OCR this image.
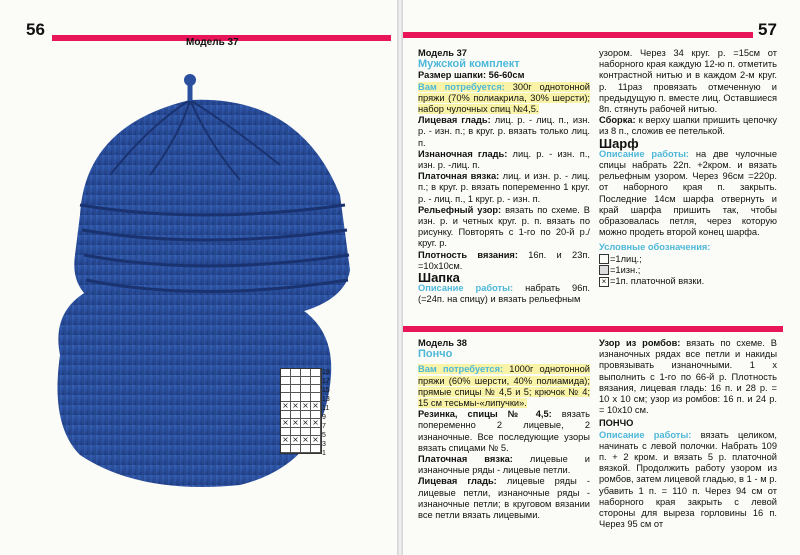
× × × ×
× × × ×
× × × ×
19
17
15
13
11
9
7
5
3
1
56
Модель 37
57

Модель 37

Мужской комплект

Размер шапки: 56-60см

Вам потребуется: 300г однотонной пряжи (70% полиакрила, 30% шерсти); набор чулочных спиц №4,5.

Лицевая гладь: лиц. р. - лиц. п., изн. р. - изн. п.; в круг. р. вязать только лиц. п.

Изнаночная гладь: лиц. р. - изн. п., изн. р. -лиц. п.

Платочная вязка: лиц. и изн. р. - лиц. п.; в круг. р. вязать попеременно 1 круг. р. - лиц. п., 1 круг. р. - изн. п.

Рельефный узор: вязать по схеме. В изн. р. и четных круг. р. п. вязать по рисунку. Повторять с 1-го по 20-й р./круг. р.

Плотность вязания: 16п. и 23п. =10х10см.

Шапка

Описание работы: набрать 96п. (=24п. на спицу) и вязать рельефным

узором. Через 34 круг. р. =15см от наборного края каждую 12-ю п. отметить контрастной нитью и в каждом 2-м круг. р. 11раз провязать отмеченную и предыдущую п. вместе лиц. Оставшиеся 8п. стянуть рабочей нитью.

Сборка: к верху шапки пришить цепочку из 8 п., сложив ее петелькой.

Шарф

Описание работы: на две чулочные спицы набрать 22п. +2кром. и вязать рельефным узором. Через 96см =220р. от наборного края п. закрыть. Последние 14см шарфа отвернуть и край шарфа пришить так, чтобы образовалась петля, через которую можно продеть второй конец шарфа.

Условные обозначения:

=1лиц.;

=1изн.;

× =1п. платочной вязки.

Модель 38

Пончо

Вам потребуется: 1000г однотонной пряжи (60% шерсти, 40% полиамида); прямые спицы № 4,5 и 5; крючок № 4; 15 см тесьмы-«липучки».

Резинка, спицы № 4,5: вязать попеременно 2 лицевые, 2 изнаночные. Все последующие узоры вязать спицами № 5.

Платочная вязка: лицевые и изнаночные ряды - лицевые петли.

Лицевая гладь: лицевые ряды - лицевые петли, изнаночные ряды - изнаночные петли; в круговом вязании все петли вязать лицевыми.

Узор из ромбов: вязать по схеме. В изнаночных рядах все петли и накиды провязывать изнаночными. 1 х выполнить с 1-го по 66-й р. Плотность вязания, лицевая гладь: 16 п. и 28 р. = 10 х 10 см; узор из ромбов: 16 п. и 24 р. = 10х10 см.

ПОНЧО

Описание работы: вязать целиком, начинать с левой полочки. Набрать 109 п. + 2 кром. и вязать 5 р. платочной вязкой. Продолжить работу узором из ромбов, затем лицевой гладью, в 1 - м р. убавить 1 п. = 110 п. Через 94 см от наборного края закрыть с левой стороны для выреза горловины 16 п. Через 95 см от
